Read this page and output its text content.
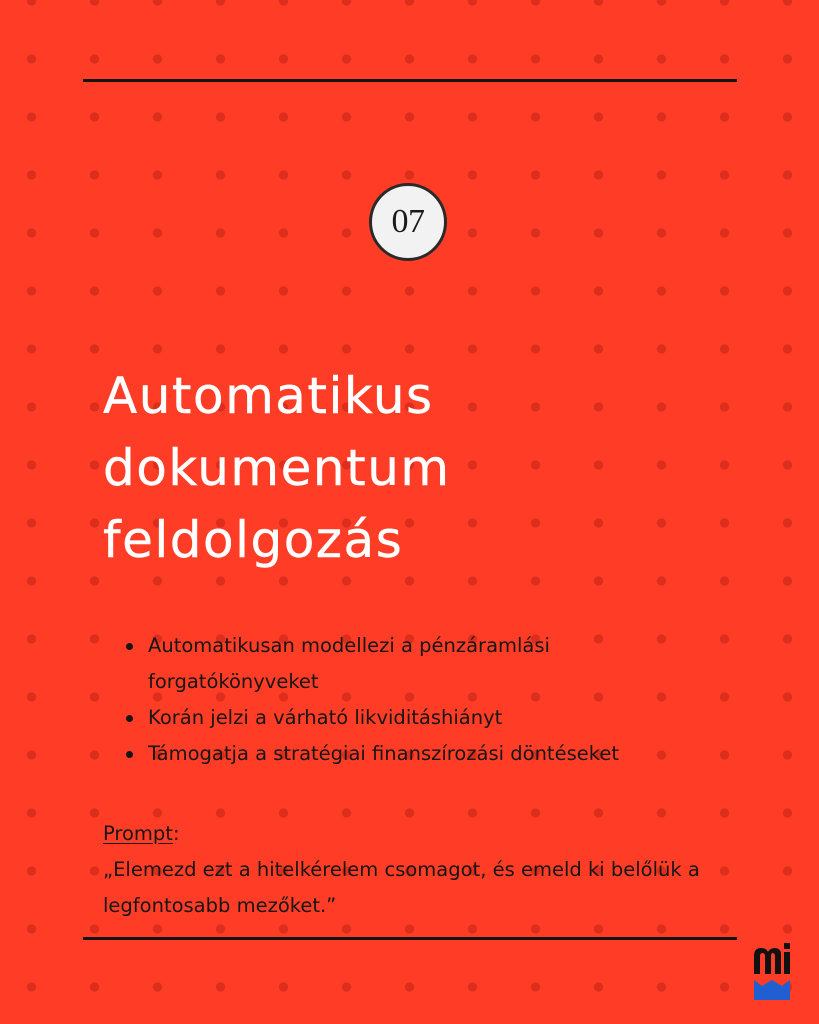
07
Automatikus
dokumentum
feldolgozás
Automatikusan modellezi a pénzáramlási forgatókönyveket
Korán jelzi a várható likviditáshiányt
Támogatja a stratégiai finanszírozási döntéseket
Prompt:
„Elemezd ezt a hitelkérelem csomagot, és emeld ki belőlük a legfontosabb mezőket.”
